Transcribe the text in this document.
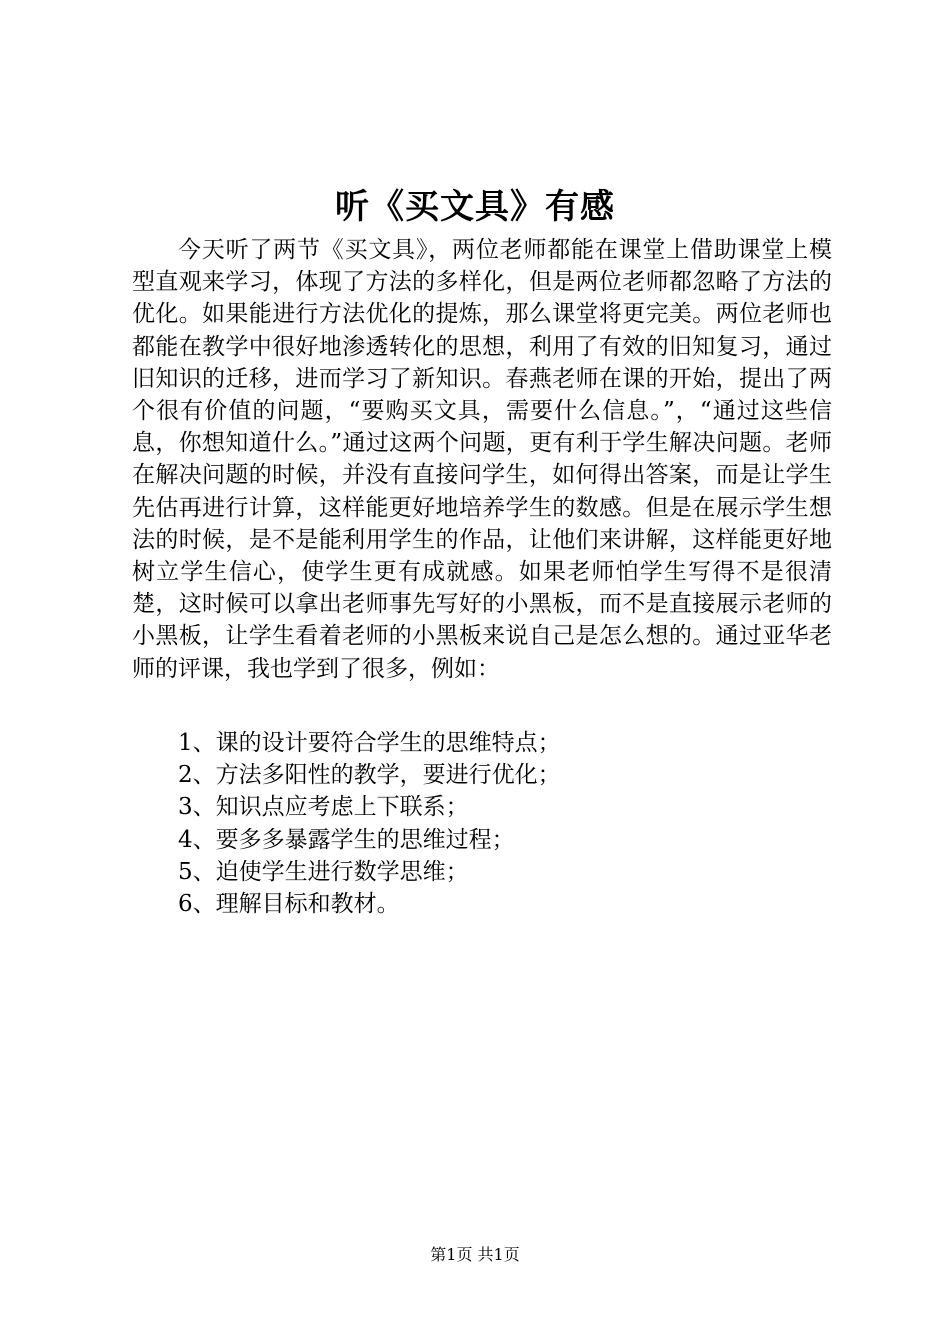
听《买文具》有感

今天听了两节《买文具》，两位老师都能在课堂上借助课堂上模型直观来学习，体现了方法的多样化，但是两位老师都忽略了方法的优化。如果能进行方法优化的提炼，那么课堂将更完美。两位老师也都能在教学中很好地渗透转化的思想，利用了有效的旧知复习，通过旧知识的迁移，进而学习了新知识。春燕老师在课的开始，提出了两个很有价值的问题，“要购买文具，需要什么信息。”，“通过这些信息，你想知道什么。”通过这两个问题，更有利于学生解决问题。老师在解决问题的时候，并没有直接问学生，如何得出答案，而是让学生先估再进行计算，这样能更好地培养学生的数感。但是在展示学生想法的时候，是不是能利用学生的作品，让他们来讲解，这样能更好地树立学生信心，使学生更有成就感。如果老师怕学生写得不是很清楚，这时候可以拿出老师事先写好的小黑板，而不是直接展示老师的小黑板，让学生看着老师的小黑板来说自己是怎么想的。通过亚华老师的评课，我也学到了很多，例如：

1、课的设计要符合学生的思维特点；
2、方法多阳性的教学，要进行优化；
3、知识点应考虑上下联系；
4、要多多暴露学生的思维过程；
5、迫使学生进行数学思维；
6、理解目标和教材。
第1页 共1页
